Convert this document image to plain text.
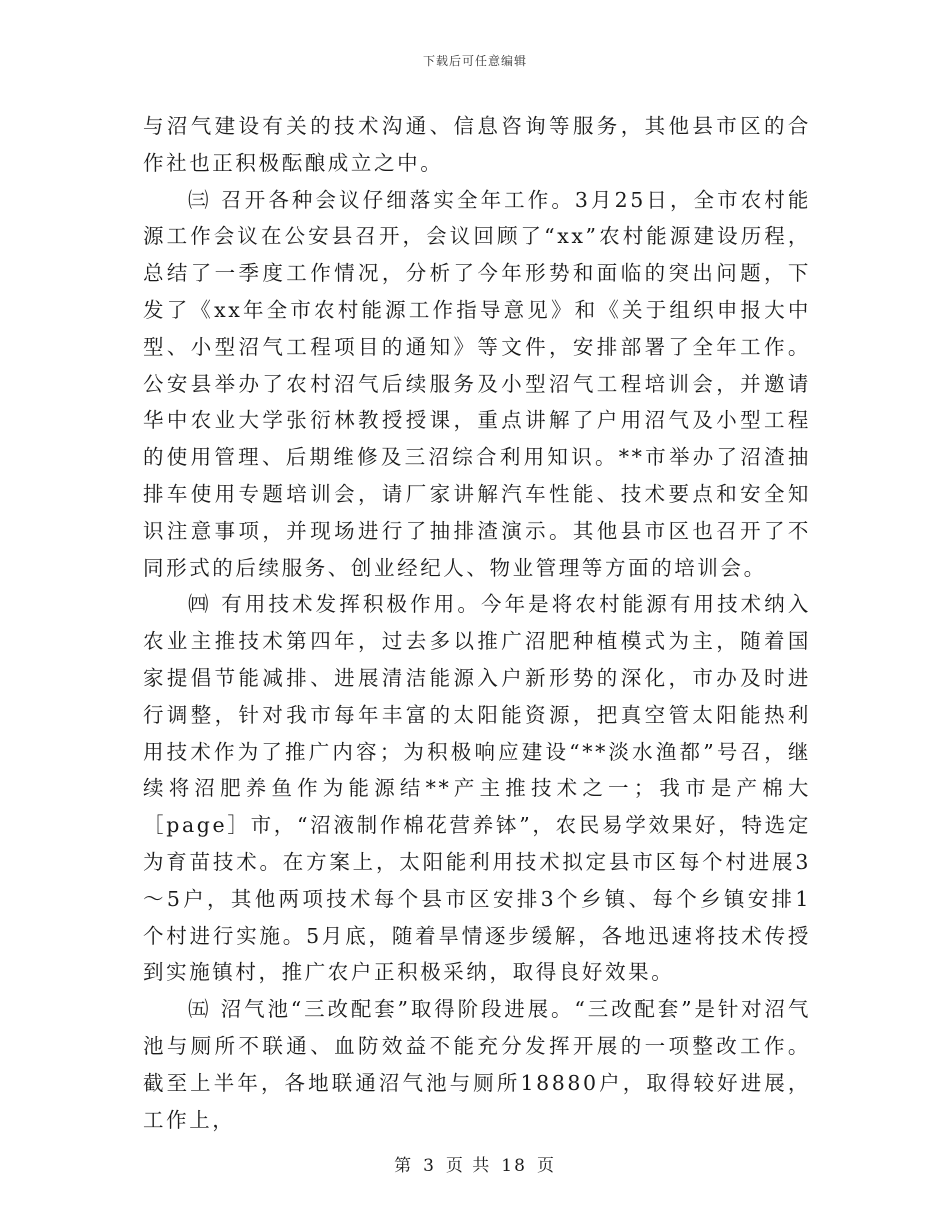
下载后可任意编辑

与沼气建设有关的技术沟通、信息咨询等服务，其他县市区的合作社也正积极酝酿成立之中。

㈢ 召开各种会议仔细落实全年工作。3月25日，全市农村能源工作会议在公安县召开，会议回顾了“xx”农村能源建设历程，总结了一季度工作情况，分析了今年形势和面临的突出问题，下发了《xx年全市农村能源工作指导意见》和《关于组织申报大中型、小型沼气工程项目的通知》等文件，安排部署了全年工作。公安县举办了农村沼气后续服务及小型沼气工程培训会，并邀请华中农业大学张衍林教授授课，重点讲解了户用沼气及小型工程的使用管理、后期维修及三沼综合利用知识。**市举办了沼渣抽排车使用专题培训会，请厂家讲解汽车性能、技术要点和安全知识注意事项，并现场进行了抽排渣演示。其他县市区也召开了不同形式的后续服务、创业经纪人、物业管理等方面的培训会。

㈣ 有用技术发挥积极作用。今年是将农村能源有用技术纳入农业主推技术第四年，过去多以推广沼肥种植模式为主，随着国家提倡节能减排、进展清洁能源入户新形势的深化，市办及时进行调整，针对我市每年丰富的太阳能资源，把真空管太阳能热利用技术作为了推广内容；为积极响应建设“**淡水渔都”号召，继续将沼肥养鱼作为能源结**产主推技术之一；我市是产棉大［page］市，“沼液制作棉花营养钵”，农民易学效果好，特选定为育苗技术。在方案上，太阳能利用技术拟定县市区每个村进展3～5户，其他两项技术每个县市区安排3个乡镇、每个乡镇安排1个村进行实施。5月底，随着旱情逐步缓解，各地迅速将技术传授到实施镇村，推广农户正积极采纳，取得良好效果。

㈤ 沼气池“三改配套”取得阶段进展。“三改配套”是针对沼气池与厕所不联通、血防效益不能充分发挥开展的一项整改工作。截至上半年，各地联通沼气池与厕所18880户，取得较好进展，工作上，

第 3 页 共 18 页
